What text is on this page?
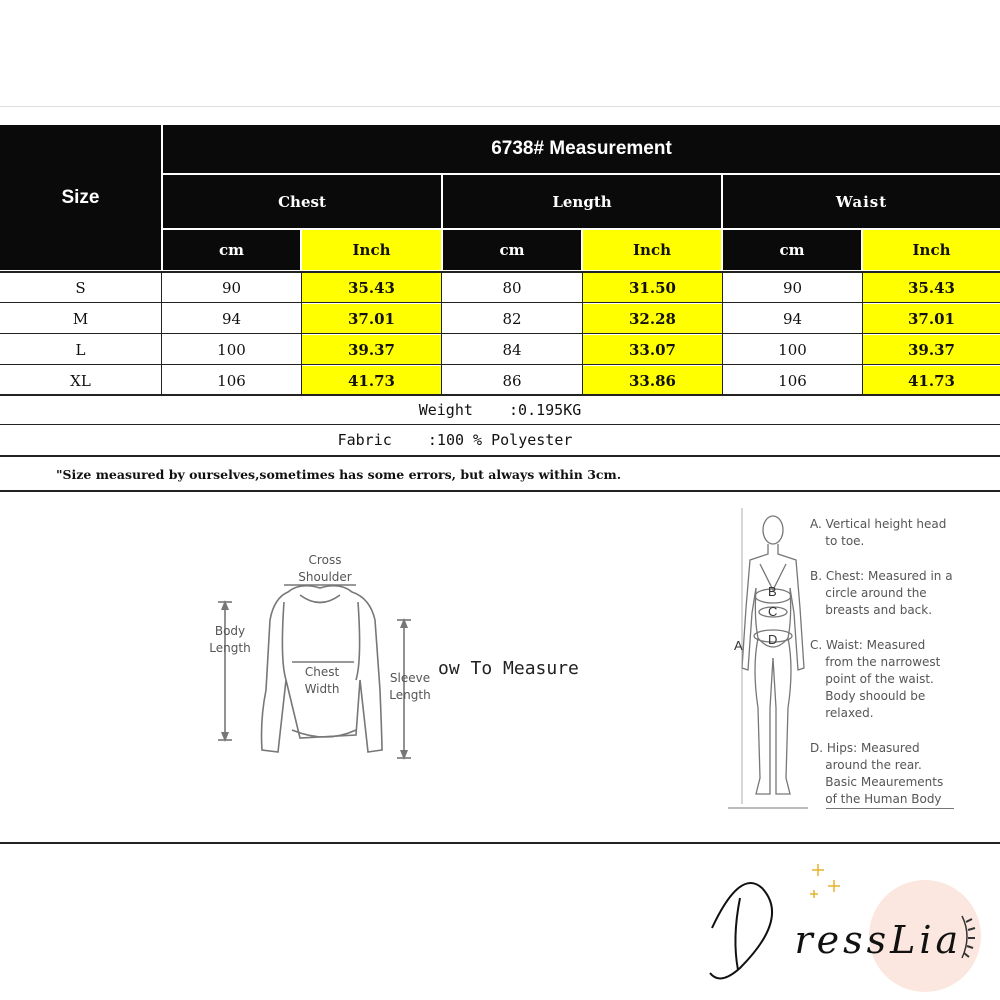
Size
6738# Measurement
Chest	Length	Waist
cm	Inch	cm	Inch	cm	Inch
S	90	35.43	80	31.50	90	35.43
M	94	37.01	82	32.28	94	37.01
L	100	39.37	84	33.07	100	39.37
XL	106	41.73	86	33.86	106	41.73
Weight    :0.195KG
Fabric    :100 % Polyester
"Size measured by ourselves,sometimes has some errors, but always within 3cm.
Cross
Shoulder
Body
Length
Chest
Width
Sleeve
Length
ow To Measure
A
B
C
D
A. Vertical height head
to toe.
B. Chest: Measured in a
circle around the
breasts and back.
C. Waist: Measured
from the narrowest
point of the waist.
Body shoould be
relaxed.
D. Hips: Measured
around the rear.
Basic Meaurements
of the Human Body
ressLia
